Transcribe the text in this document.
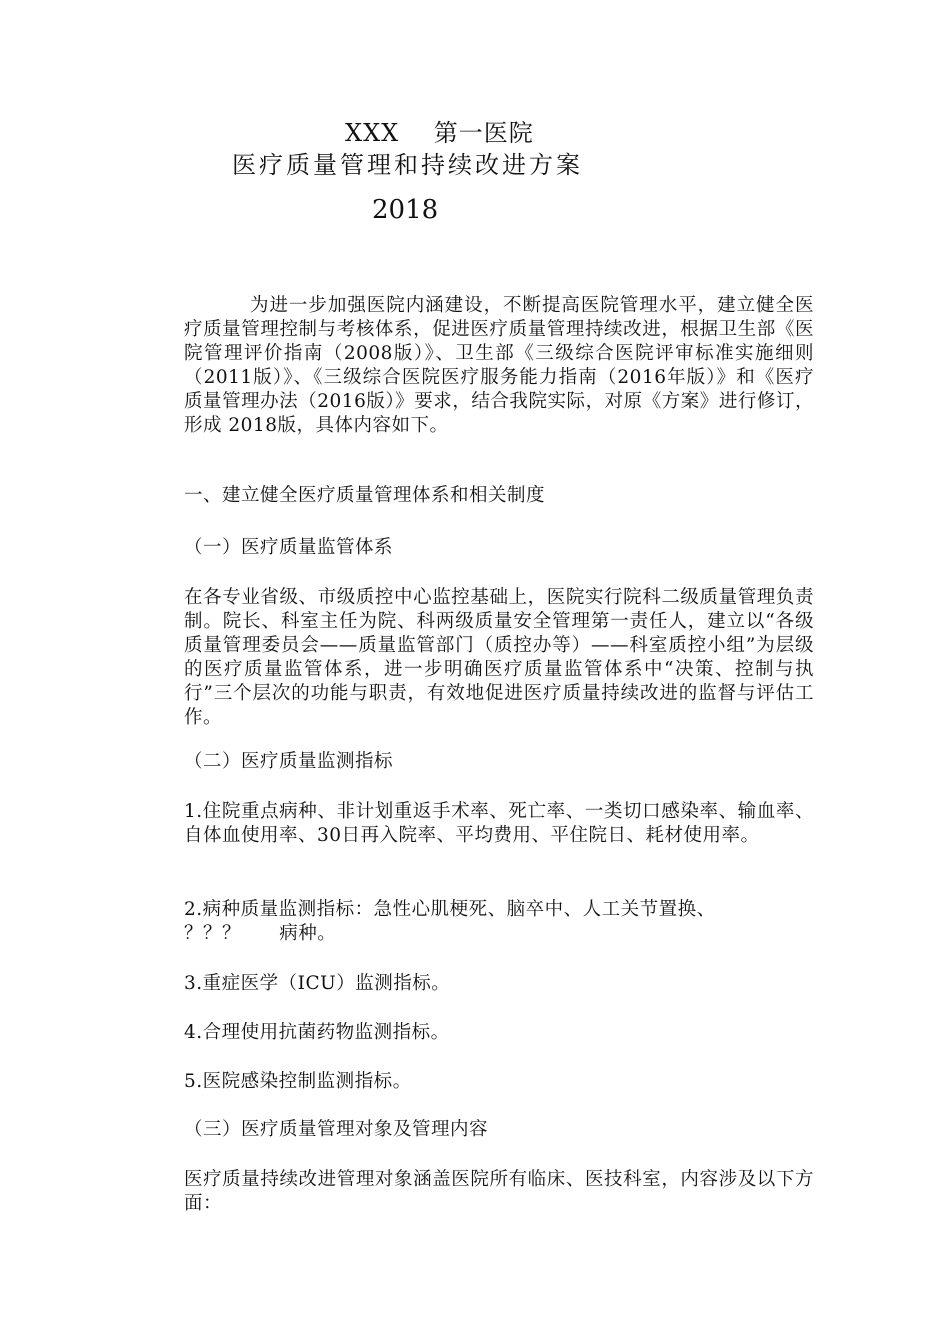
XXX    第一医院
医疗质量管理和持续改进方案
2018
为进一步加强医院内涵建设，不断提高医院管理水平，建立健全医疗质量管理控制与考核体系，促进医疗质量管理持续改进，根据卫生部《医院管理评价指南（2008版）》、卫生部《三级综合医院评审标准实施细则（2011版）》、《三级综合医院医疗服务能力指南（2016年版）》和《医疗质量管理办法（2016版）》要求，结合我院实际，对原《方案》进行修订，形成 2018版，具体内容如下。
一、建立健全医疗质量管理体系和相关制度
（一）医疗质量监管体系
在各专业省级、市级质控中心监控基础上，医院实行院科二级质量管理负责制。院长、科室主任为院、科两级质量安全管理第一责任人，建立以“各级质量管理委员会——质量监管部门（质控办等）——科室质控小组”为层级的医疗质量监管体系，进一步明确医疗质量监管体系中“决策、控制与执行”三个层次的功能与职责，有效地促进医疗质量持续改进的监督与评估工作。
（二）医疗质量监测指标
1.住院重点病种、非计划重返手术率、死亡率、一类切口感染率、输血率、自体血使用率、30日再入院率、平均费用、平住院日、耗材使用率。
2.病种质量监测指标：急性心肌梗死、脑卒中、人工关节置换、
？？？      病种。
3.重症医学（ICU）监测指标。
4.合理使用抗菌药物监测指标。
5.医院感染控制监测指标。
（三）医疗质量管理对象及管理内容
医疗质量持续改进管理对象涵盖医院所有临床、医技科室，内容涉及以下方面：
